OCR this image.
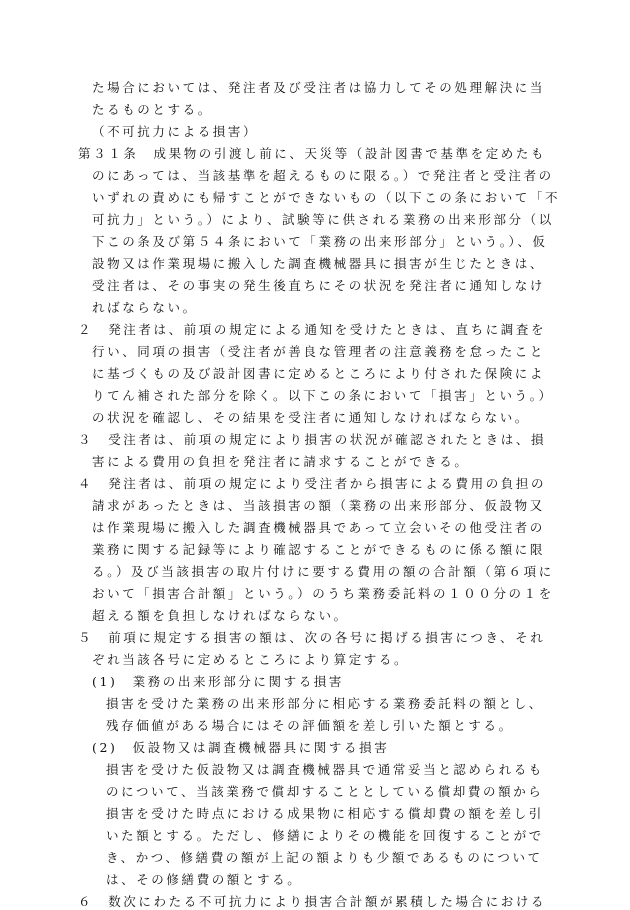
た場合においては、発注者及び受注者は協力してその処理解決に当
たるものとする。
（不可抗力による損害）
第３１条　成果物の引渡し前に、天災等（設計図書で基準を定めたも
のにあっては、当該基準を超えるものに限る。）で発注者と受注者の
いずれの責めにも帰すことができないもの（以下この条において「不
可抗力」という。）により、試験等に供される業務の出来形部分（以
下この条及び第５４条において「業務の出来形部分」という。）、仮
設物又は作業現場に搬入した調査機械器具に損害が生じたときは、
受注者は、その事実の発生後直ちにその状況を発注者に通知しなけ
ればならない。
２　発注者は、前項の規定による通知を受けたときは、直ちに調査を
行い、同項の損害（受注者が善良な管理者の注意義務を怠ったこと
に基づくもの及び設計図書に定めるところにより付された保険によ
りてん補された部分を除く。以下この条において「損害」という。）
の状況を確認し、その結果を受注者に通知しなければならない。
３　受注者は、前項の規定により損害の状況が確認されたときは、損
害による費用の負担を発注者に請求することができる。
４　発注者は、前項の規定により受注者から損害による費用の負担の
請求があったときは、当該損害の額（業務の出来形部分、仮設物又
は作業現場に搬入した調査機械器具であって立会いその他受注者の
業務に関する記録等により確認することができるものに係る額に限
る。）及び当該損害の取片付けに要する費用の額の合計額（第６項に
おいて「損害合計額」という。）のうち業務委託料の１００分の１を
超える額を負担しなければならない。
５　前項に規定する損害の額は、次の各号に掲げる損害につき、それ
ぞれ当該各号に定めるところにより算定する。
(1)　業務の出来形部分に関する損害
損害を受けた業務の出来形部分に相応する業務委託料の額とし、
残存価値がある場合にはその評価額を差し引いた額とする。
(2)　仮設物又は調査機械器具に関する損害
損害を受けた仮設物又は調査機械器具で通常妥当と認められるも
のについて、当該業務で償却することとしている償却費の額から
損害を受けた時点における成果物に相応する償却費の額を差し引
いた額とする。ただし、修繕によりその機能を回復することがで
き、かつ、修繕費の額が上記の額よりも少額であるものについて
は、その修繕費の額とする。
６　数次にわたる不可抗力により損害合計額が累積した場合における
